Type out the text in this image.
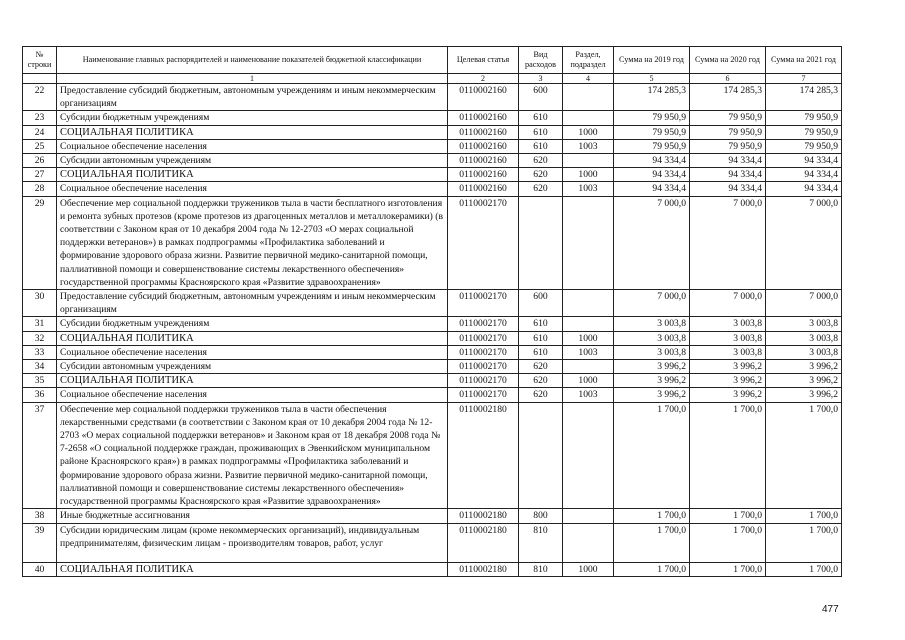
№ строки	Наименование главных распорядителей и наименование показателей бюджетной классификации	Целевая статья	Вид расходов	Раздел, подраздел	Сумма на 2019 год	Сумма на 2020 год	Сумма на 2021 год
	1	2	3	4	5	6	7
22	Предоставление субсидий бюджетным, автономным учреждениям и иным некоммерческим организациям	0110002160	600		174 285,3	174 285,3	174 285,3
23	Субсидии бюджетным учреждениям	0110002160	610		79 950,9	79 950,9	79 950,9
24	СОЦИАЛЬНАЯ ПОЛИТИКА	0110002160	610	1000	79 950,9	79 950,9	79 950,9
25	Социальное обеспечение населения	0110002160	610	1003	79 950,9	79 950,9	79 950,9
26	Субсидии автономным учреждениям	0110002160	620		94 334,4	94 334,4	94 334,4
27	СОЦИАЛЬНАЯ ПОЛИТИКА	0110002160	620	1000	94 334,4	94 334,4	94 334,4
28	Социальное обеспечение населения	0110002160	620	1003	94 334,4	94 334,4	94 334,4
29	Обеспечение мер социальной поддержки тружеников тыла в части бесплатного изготовления и ремонта зубных протезов (кроме протезов из драгоценных металлов и металлокерамики) (в соответствии с Законом края от 10 декабря 2004 года № 12-2703 «О мерах социальной поддержки ветеранов») в рамках подпрограммы «Профилактика заболеваний и формирование здорового образа жизни. Развитие первичной медико-санитарной помощи, паллиативной помощи и совершенствование системы лекарственного обеспечения» государственной программы Красноярского края «Развитие здравоохранения»	0110002170			7 000,0	7 000,0	7 000,0
30	Предоставление субсидий бюджетным, автономным учреждениям и иным некоммерческим организациям	0110002170	600		7 000,0	7 000,0	7 000,0
31	Субсидии бюджетным учреждениям	0110002170	610		3 003,8	3 003,8	3 003,8
32	СОЦИАЛЬНАЯ ПОЛИТИКА	0110002170	610	1000	3 003,8	3 003,8	3 003,8
33	Социальное обеспечение населения	0110002170	610	1003	3 003,8	3 003,8	3 003,8
34	Субсидии автономным учреждениям	0110002170	620		3 996,2	3 996,2	3 996,2
35	СОЦИАЛЬНАЯ ПОЛИТИКА	0110002170	620	1000	3 996,2	3 996,2	3 996,2
36	Социальное обеспечение населения	0110002170	620	1003	3 996,2	3 996,2	3 996,2
37	Обеспечение мер социальной поддержки тружеников тыла в части обеспечения лекарственными средствами (в соответствии с Законом края от 10 декабря 2004 года № 12-2703 «О мерах социальной поддержки ветеранов» и Законом края от 18 декабря 2008 года № 7-2658 «О социальной поддержке граждан, проживающих в Эвенкийском муниципальном районе Красноярского края») в рамках подпрограммы «Профилактика заболеваний и формирование здорового образа жизни. Развитие первичной медико-санитарной помощи, паллиативной помощи и совершенствование системы лекарственного обеспечения» государственной программы Красноярского края «Развитие здравоохранения»	0110002180			1 700,0	1 700,0	1 700,0
38	Иные бюджетные ассигнования	0110002180	800		1 700,0	1 700,0	1 700,0
39	Субсидии юридическим лицам (кроме некоммерческих организаций), индивидуальным предпринимателям, физическим лицам - производителям товаров, работ, услуг	0110002180	810		1 700,0	1 700,0	1 700,0
40	СОЦИАЛЬНАЯ ПОЛИТИКА	0110002180	810	1000	1 700,0	1 700,0	1 700,0
477
